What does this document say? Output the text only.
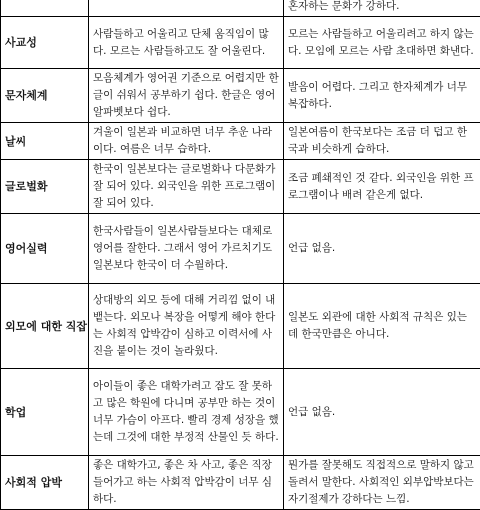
		혼자하는 문화가 강하다.
사교성	사람들하고 어울리고 단체 움직임이 많다. 모르는 사람들하고도 잘 어울린다.	모르는 사람들하고 어울리려고 하지 않는다. 모임에 모르는 사람 초대하면 화낸다.
문자체계	모음체계가 영어권 기준으로 어렵지만 한글이 쉬워서 공부하기 쉽다. 한글은 영어 알파벳보다 쉽다.	발음이 어렵다. 그리고 한자체계가 너무 복잡하다.
날씨	겨울이 일본과 비교하면 너무 추운 나라이다. 여름은 너무 습하다.	일본여름이 한국보다는 조금 더 덥고 한국과 비슷하게 습하다.
글로벌화	한국이 일본보다는 글로벌화나 다문화가 잘 되어 있다. 외국인을 위한 프로그램이 잘 되어 있다.	조금 폐쇄적인 것 같다. 외국인을 위한 프로그램이나 배려 같은게 없다.
영어실력	한국사람들이 일본사람들보다는 대체로 영어를 잘한다. 그래서 영어 가르치기도 일본보다 한국이 더 수월하다.	언급 없음.
외모에 대한 직잡	상대방의 외모 등에 대해 거리낌 없이 내뱉는다. 외모나 복장을 어떻게 해야 한다는 사회적 압박감이 심하고 이력서에 사진을 붙이는 것이 놀라웠다.	일본도 외관에 대한 사회적 규칙은 있는데 한국만큼은 아니다.
학업	아이들이 좋은 대학가려고 잠도 잘 못하고 많은 학원에 다니며 공부만 하는 것이 너무 가슴이 아프다. 빨리 경제 성장을 했는데 그것에 대한 부정적 산물인 듯 하다.	언급 없음.
사회적 압박	좋은 대학가고, 좋은 차 사고, 좋은 직장 들어가고 하는 사회적 압박감이 너무 심하다.	뭔가를 잘못해도 직접적으로 말하지 않고 돌려서 말한다. 사회적인 외부압박보다는 자기절제가 강하다는 느낌.
